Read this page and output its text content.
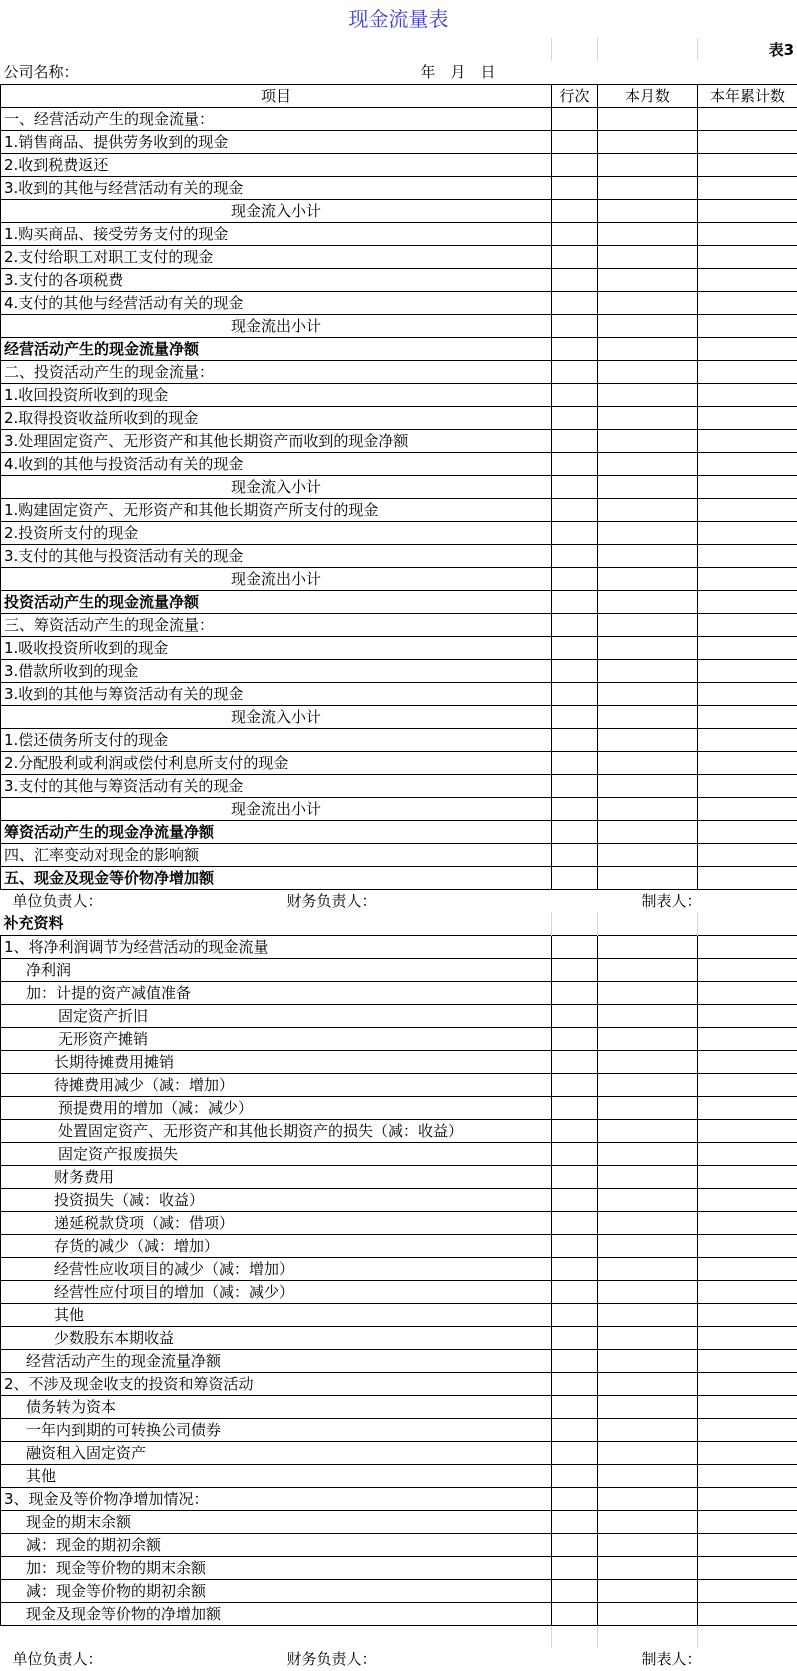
现金流量表
			表3
公司名称： 年　月　日			

项目	行次	本月数	本年累计数
一、经营活动产生的现金流量：			
1.销售商品、提供劳务收到的现金			
2.收到税费返还			
3.收到的其他与经营活动有关的现金			
现金流入小计			
1.购买商品、接受劳务支付的现金			
2.支付给职工对职工支付的现金			
3.支付的各项税费			
4.支付的其他与经营活动有关的现金			
现金流出小计			
经营活动产生的现金流量净额			
二、投资活动产生的现金流量：			
1.收回投资所收到的现金			
2.取得投资收益所收到的现金			
3.处理固定资产、无形资产和其他长期资产而收到的现金净额			
4.收到的其他与投资活动有关的现金			
现金流入小计			
1.购建固定资产、无形资产和其他长期资产所支付的现金			
2.投资所支付的现金			
3.支付的其他与投资活动有关的现金			
现金流出小计			
投资活动产生的现金流量净额			
三、筹资活动产生的现金流量：			
1.吸收投资所收到的现金			
3.借款所收到的现金			
3.收到的其他与筹资活动有关的现金			
现金流入小计			
1.偿还债务所支付的现金			
2.分配股利或利润或偿付利息所支付的现金			
3.支付的其他与筹资活动有关的现金			
现金流出小计			
筹资活动产生的现金净流量净额			
四、汇率变动对现金的影响额			
五、现金及现金等价物净增加额			

单位负责人： 财务负责人： 制表人：			

补充资料			
1、将净利润调节为经营活动的现金流量			
净利润			
加：计提的资产减值准备			
固定资产折旧			
无形资产摊销			
长期待摊费用摊销			
待摊费用减少（减：增加）			
预提费用的增加（减：减少）			
处置固定资产、无形资产和其他长期资产的损失（减：收益）			
固定资产报废损失			
财务费用			
投资损失（减：收益）			
递延税款贷项（减：借项）			
存货的减少（减：增加）			
经营性应收项目的减少（减：增加）			
经营性应付项目的增加（减：减少）			
其他			
少数股东本期收益			
经营活动产生的现金流量净额			
2、不涉及现金收支的投资和筹资活动			
债务转为资本			
一年内到期的可转换公司债券			
融资租入固定资产			
其他			
3、现金及等价物净增加情况：			
现金的期末余额			
减：现金的期初余额			
加：现金等价物的期末余额			
减：现金等价物的期初余额			
现金及现金等价物的净增加额			

单位负责人： 财务负责人： 制表人：			
